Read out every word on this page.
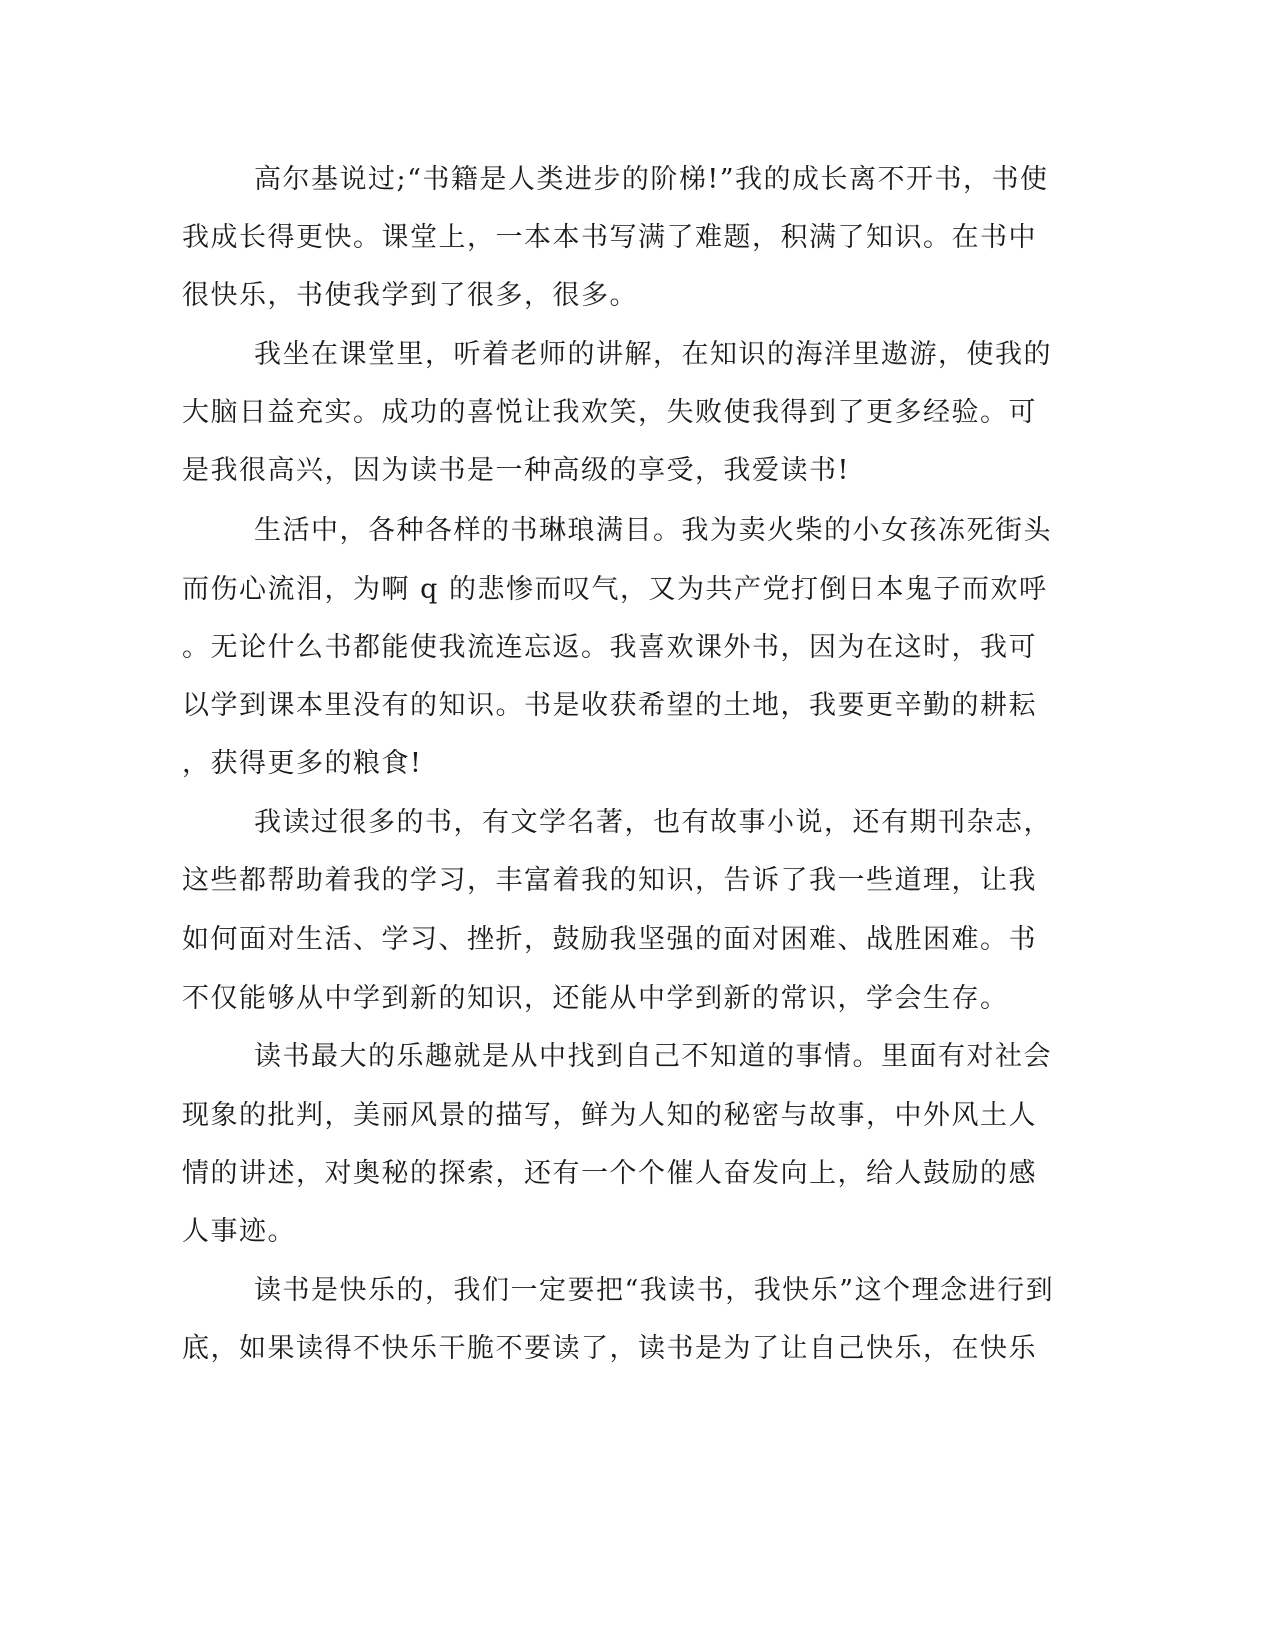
高尔基说过;“书籍是人类进步的阶梯!”我的成长离不开书，书使
我成长得更快。课堂上，一本本书写满了难题，积满了知识。在书中
很快乐，书使我学到了很多，很多。
我坐在课堂里，听着老师的讲解，在知识的海洋里遨游，使我的
大脑日益充实。成功的喜悦让我欢笑，失败使我得到了更多经验。可
是我很高兴，因为读书是一种高级的享受，我爱读书!
生活中，各种各样的书琳琅满目。我为卖火柴的小女孩冻死街头
而伤心流泪，为啊 q 的悲惨而叹气，又为共产党打倒日本鬼子而欢呼
。无论什么书都能使我流连忘返。我喜欢课外书，因为在这时，我可
以学到课本里没有的知识。书是收获希望的土地，我要更辛勤的耕耘
，获得更多的粮食!
我读过很多的书，有文学名著，也有故事小说，还有期刊杂志，
这些都帮助着我的学习，丰富着我的知识，告诉了我一些道理，让我
如何面对生活、学习、挫折，鼓励我坚强的面对困难、战胜困难。书
不仅能够从中学到新的知识，还能从中学到新的常识，学会生存。
读书最大的乐趣就是从中找到自己不知道的事情。里面有对社会
现象的批判，美丽风景的描写，鲜为人知的秘密与故事，中外风土人
情的讲述，对奥秘的探索，还有一个个催人奋发向上，给人鼓励的感
人事迹。
读书是快乐的，我们一定要把“我读书，我快乐”这个理念进行到
底，如果读得不快乐干脆不要读了，读书是为了让自己快乐，在快乐
